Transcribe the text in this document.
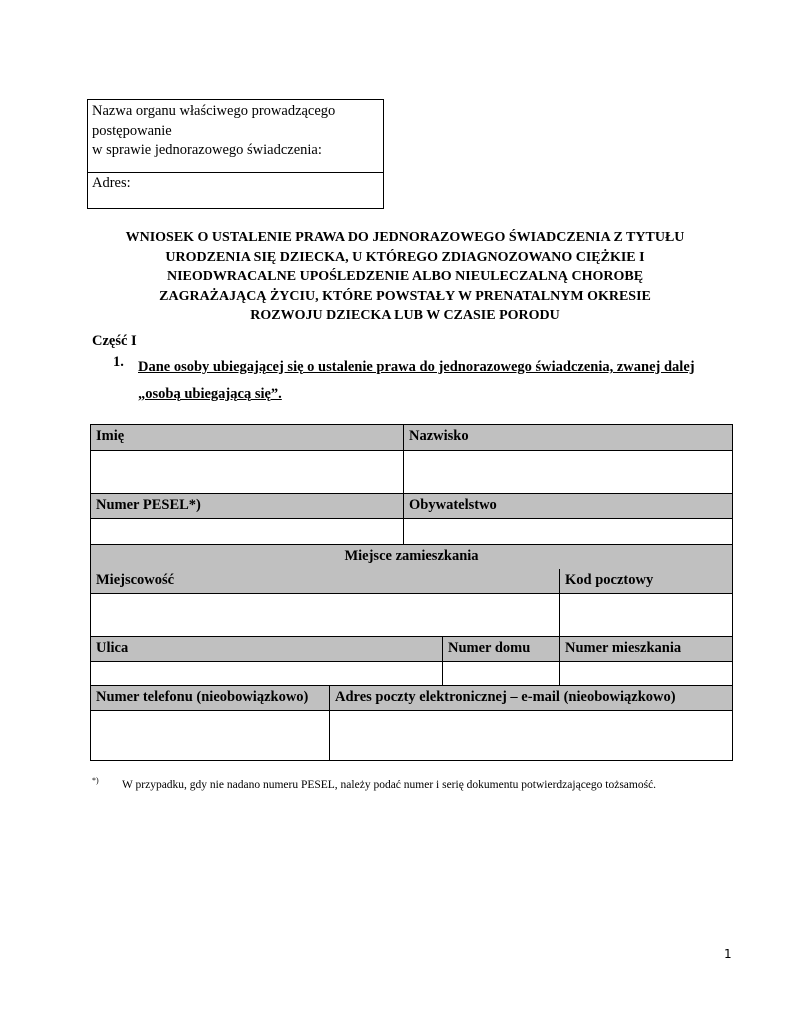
Nazwa organu właściwego prowadzącego
postępowanie
w sprawie jednorazowego świadczenia:
Adres:
WNIOSEK O USTALENIE PRAWA DO JEDNORAZOWEGO ŚWIADCZENIA Z TYTUŁU
URODZENIA SIĘ DZIECKA, U KTÓREGO ZDIAGNOZOWANO CIĘŻKIE I
NIEODWRACALNE UPOŚLEDZENIE ALBO NIEULECZALNĄ CHOROBĘ
ZAGRAŻAJĄCĄ ŻYCIU, KTÓRE POWSTAŁY W PRENATALNYM OKRESIE
ROZWOJU DZIECKA LUB W CZASIE PORODU
Część I
1. Dane osoby ubiegającej się o ustalenie prawa do jednorazowego świadczenia, zwanej dalej „osobą ubiegającą się”.
Imię	Nazwisko
Numer PESEL*)	Obywatelstwo
Miejsce zamieszkania
Miejscowość	Kod pocztowy
Ulica	Numer domu	Numer mieszkania
Numer telefonu (nieobowiązkowo)	Adres poczty elektronicznej – e-mail (nieobowiązkowo)
*) W przypadku, gdy nie nadano numeru PESEL, należy podać numer i serię dokumentu potwierdzającego tożsamość.
1
